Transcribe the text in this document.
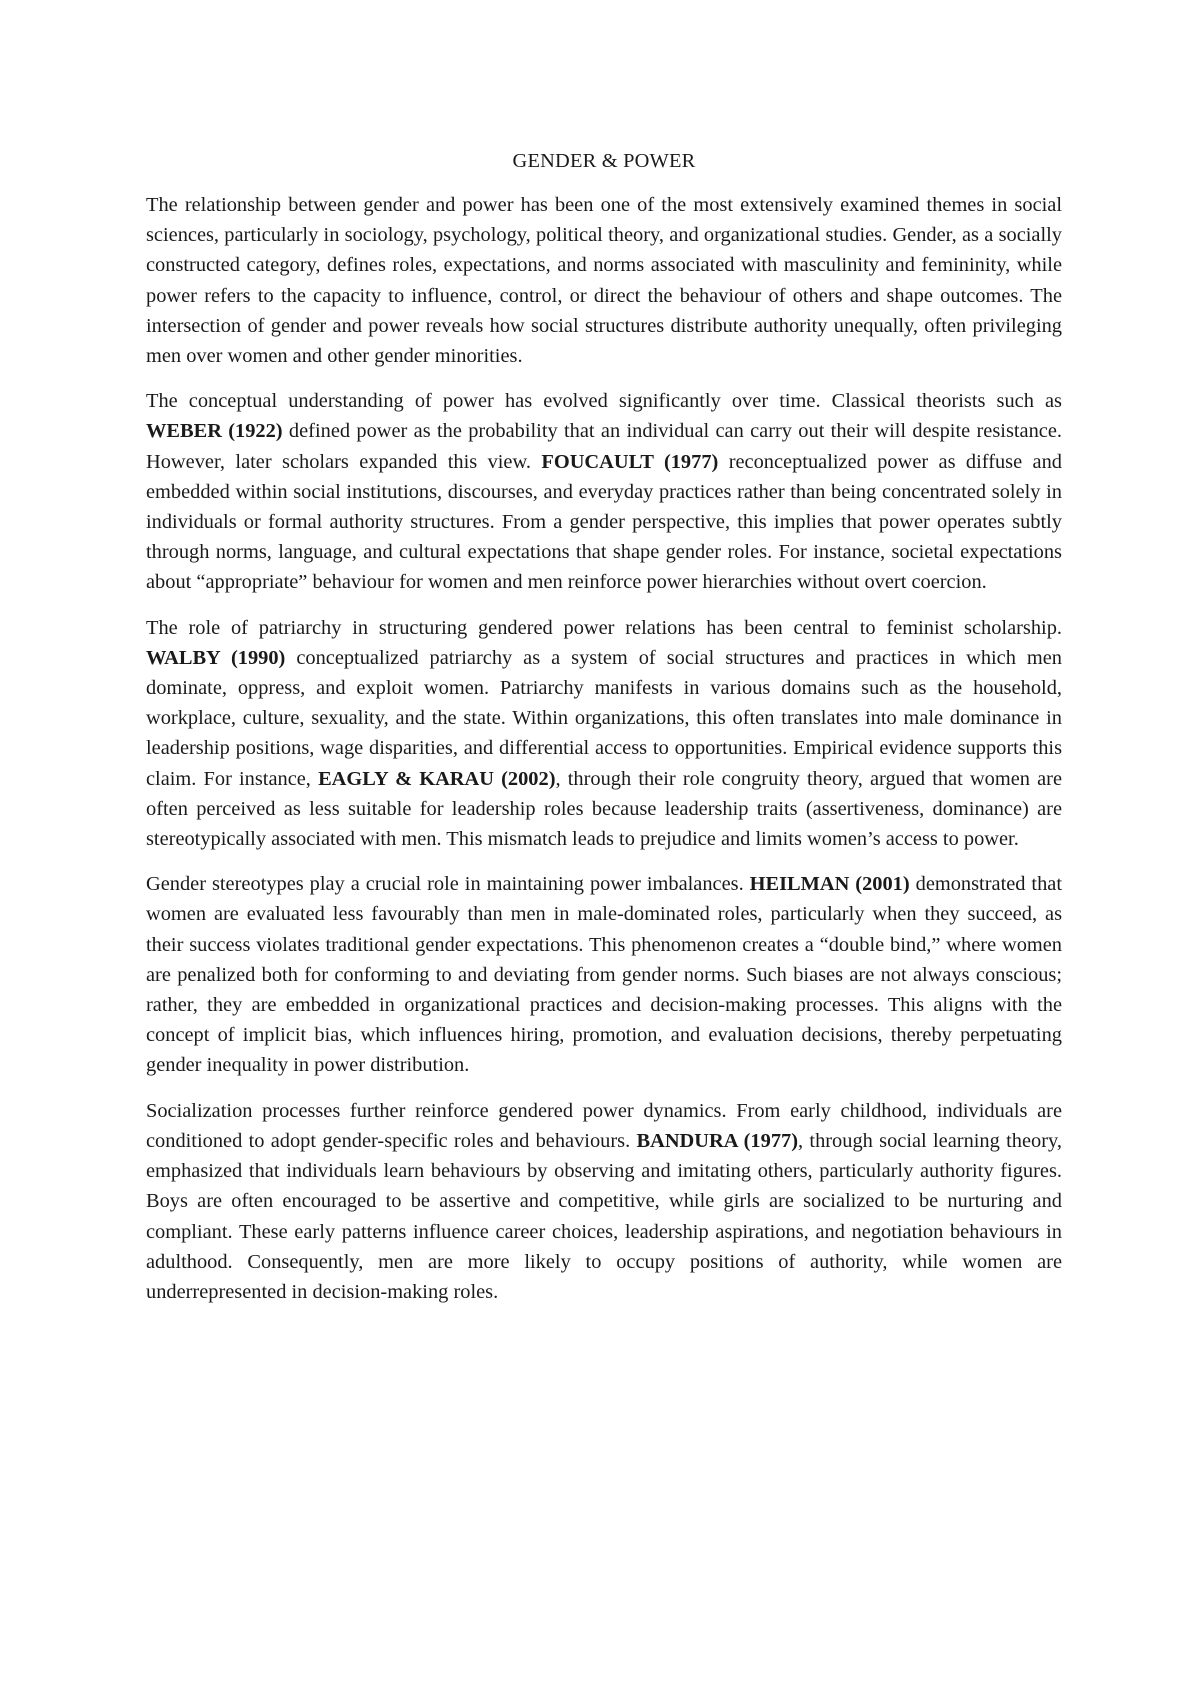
GENDER & POWER

The relationship between gender and power has been one of the most extensively examined themes in social sciences, particularly in sociology, psychology, political theory, and organizational studies. Gender, as a socially constructed category, defines roles, expectations, and norms associated with masculinity and femininity, while power refers to the capacity to influence, control, or direct the behaviour of others and shape outcomes. The intersection of gender and power reveals how social structures distribute authority unequally, often privileging men over women and other gender minorities.

The conceptual understanding of power has evolved significantly over time. Classical theorists such as WEBER (1922) defined power as the probability that an individual can carry out their will despite resistance. However, later scholars expanded this view. FOUCAULT (1977) reconceptualized power as diffuse and embedded within social institutions, discourses, and everyday practices rather than being concentrated solely in individuals or formal authority structures. From a gender perspective, this implies that power operates subtly through norms, language, and cultural expectations that shape gender roles. For instance, societal expectations about “appropriate” behaviour for women and men reinforce power hierarchies without overt coercion.

The role of patriarchy in structuring gendered power relations has been central to feminist scholarship. WALBY (1990) conceptualized patriarchy as a system of social structures and practices in which men dominate, oppress, and exploit women. Patriarchy manifests in various domains such as the household, workplace, culture, sexuality, and the state. Within organizations, this often translates into male dominance in leadership positions, wage disparities, and differential access to opportunities. Empirical evidence supports this claim. For instance, EAGLY & KARAU (2002), through their role congruity theory, argued that women are often perceived as less suitable for leadership roles because leadership traits (assertiveness, dominance) are stereotypically associated with men. This mismatch leads to prejudice and limits women’s access to power.

Gender stereotypes play a crucial role in maintaining power imbalances. HEILMAN (2001) demonstrated that women are evaluated less favourably than men in male-dominated roles, particularly when they succeed, as their success violates traditional gender expectations. This phenomenon creates a “double bind,” where women are penalized both for conforming to and deviating from gender norms. Such biases are not always conscious; rather, they are embedded in organizational practices and decision-making processes. This aligns with the concept of implicit bias, which influences hiring, promotion, and evaluation decisions, thereby perpetuating gender inequality in power distribution.

Socialization processes further reinforce gendered power dynamics. From early childhood, individuals are conditioned to adopt gender-specific roles and behaviours. BANDURA (1977), through social learning theory, emphasized that individuals learn behaviours by observing and imitating others, particularly authority figures. Boys are often encouraged to be assertive and competitive, while girls are socialized to be nurturing and compliant. These early patterns influence career choices, leadership aspirations, and negotiation behaviours in adulthood. Consequently, men are more likely to occupy positions of authority, while women are underrepresented in decision-making roles.
